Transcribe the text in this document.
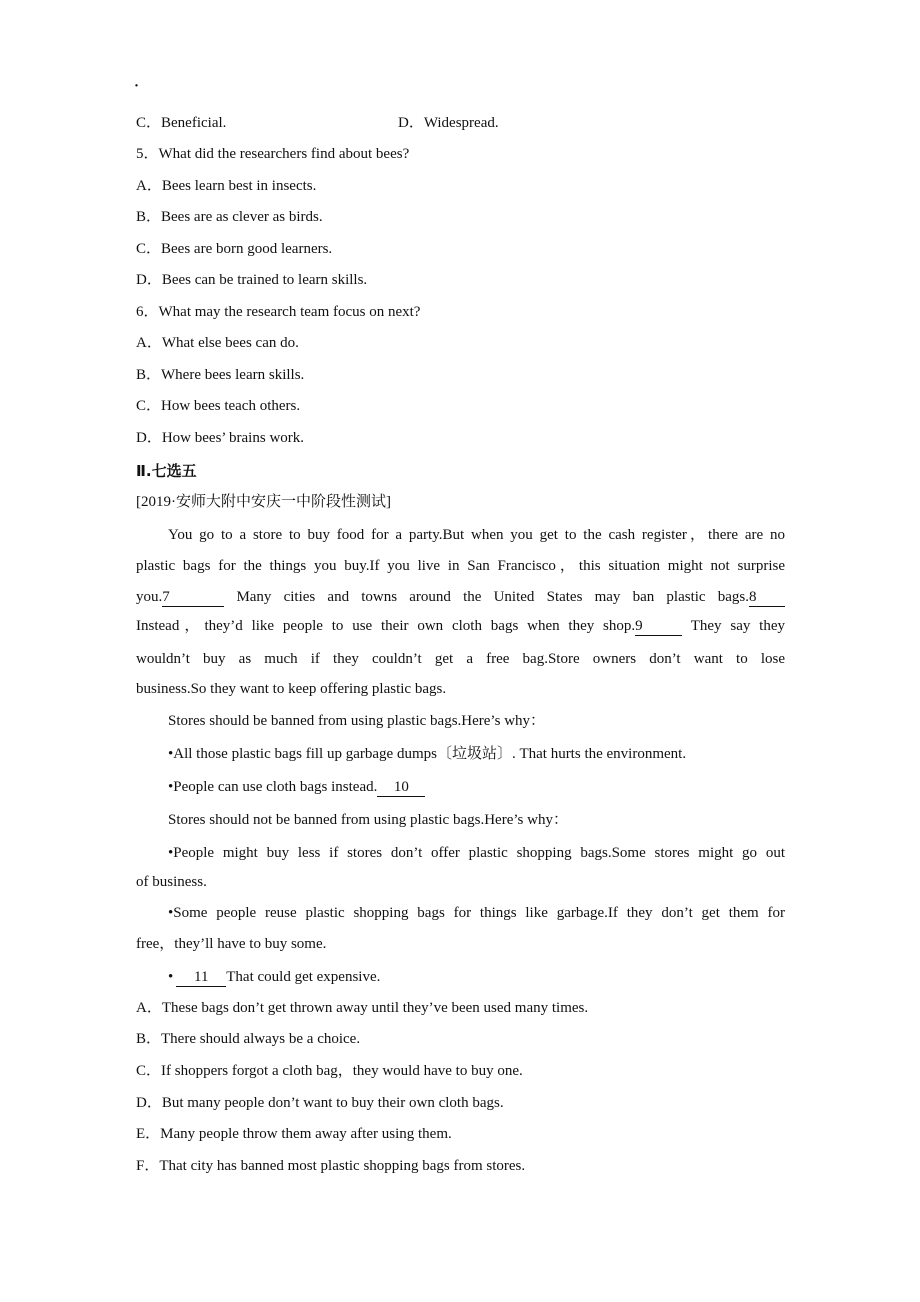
·
C．Beneficial.	D．Widespread.
5．What did the researchers find about bees?
A．Bees learn best in insects.
B．Bees are as clever as birds.
C．Bees are born good learners.
D．Bees can be trained to learn skills.
6．What may the research team focus on next?
A．What else bees can do.
B．Where bees learn skills.
C．How bees teach others.
D．How bees’ brains work.
Ⅱ.七选五
[2019·安师大附中安庆一中阶段性测试]
You go to a store to buy food for a party.But when you get to the cash register，there are no
plastic bags for the things you buy.If you live in San Francisco，this situation might not surprise
you.7	Many cities and towns around the United States may ban plastic bags.8
Instead，they’d like people to use their own cloth bags when they shop.9	They say they
wouldn’t buy as much if they couldn’t get a free bag.Store owners don’t want to lose
business.So they want to keep offering plastic bags.
Stores should be banned from using plastic bags.Here’s why：
•All those plastic bags fill up garbage dumps〔垃圾站〕. That hurts the environment.
•People can use cloth bags instead. 10
Stores should not be banned from using plastic bags.Here’s why：
•People might buy less if stores don’t offer plastic shopping bags.Some stores might go out
of business.
•Some people reuse plastic shopping bags for things like garbage.If they don’t get them for
free，they’ll have to buy some.
• 11 That could get expensive.
A．These bags don’t get thrown away until they’ve been used many times.
B．There should always be a choice.
C．If shoppers forgot a cloth bag，they would have to buy one.
D．But many people don’t want to buy their own cloth bags.
E．Many people throw them away after using them.
F．That city has banned most plastic shopping bags from stores.
